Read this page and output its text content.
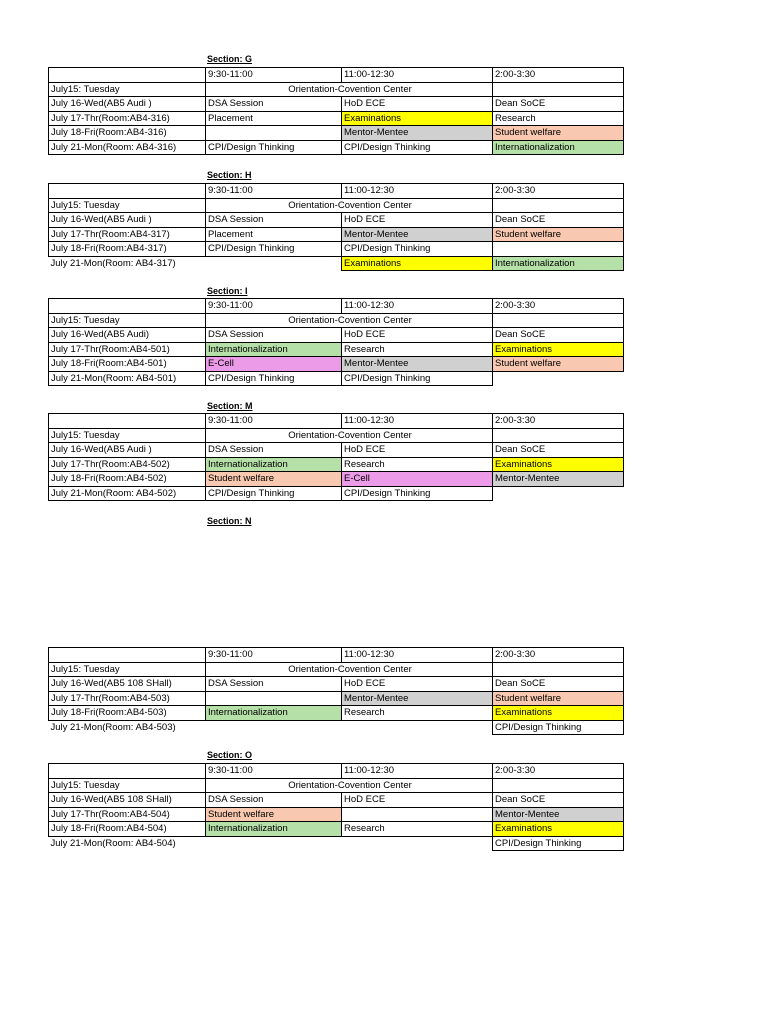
Section: G
	9:30-11:00	11:00-12:30	2:00-3:30
July15: Tuesday	Orientation-Covention Center		
July 16-Wed(AB5 Audi )	DSA Session	HoD ECE	Dean SoCE
July 17-Thr(Room:AB4-316)	Placement	Examinations	Research
July 18-Fri(Room:AB4-316)		Mentor-Mentee	Student welfare
July 21-Mon(Room: AB4-316)	CPI/Design Thinking	CPI/Design Thinking	Internationalization
Section: H
	9:30-11:00	11:00-12:30	2:00-3:30
July15: Tuesday	Orientation-Covention Center		
July 16-Wed(AB5 Audi )	DSA Session	HoD ECE	Dean SoCE
July 17-Thr(Room:AB4-317)	Placement	Mentor-Mentee	Student welfare
July 18-Fri(Room:AB4-317)	CPI/Design Thinking	CPI/Design Thinking	
July 21-Mon(Room: AB4-317)		Examinations	Internationalization
Section: I
	9:30-11:00	11:00-12:30	2:00-3:30
July15: Tuesday	Orientation-Covention Center		
July 16-Wed(AB5 Audi)	DSA Session	HoD ECE	Dean SoCE
July 17-Thr(Room:AB4-501)	Internationalization	Research	Examinations
July 18-Fri(Room:AB4-501)	E-Cell	Mentor-Mentee	Student welfare
July 21-Mon(Room: AB4-501)	CPI/Design Thinking	CPI/Design Thinking	
Section: M
	9:30-11:00	11:00-12:30	2:00-3:30
July15: Tuesday	Orientation-Covention Center		
July 16-Wed(AB5 Audi )	DSA Session	HoD ECE	Dean SoCE
July 17-Thr(Room:AB4-502)	Internationalization	Research	Examinations
July 18-Fri(Room:AB4-502)	Student welfare	E-Cell	Mentor-Mentee
July 21-Mon(Room: AB4-502)	CPI/Design Thinking	CPI/Design Thinking	
Section: N
	9:30-11:00	11:00-12:30	2:00-3:30
July15: Tuesday	Orientation-Covention Center		
July 16-Wed(AB5 108 SHall)	DSA Session	HoD ECE	Dean SoCE
July 17-Thr(Room:AB4-503)		Mentor-Mentee	Student welfare
July 18-Fri(Room:AB4-503)	Internationalization	Research	Examinations
July 21-Mon(Room: AB4-503)			CPI/Design Thinking
Section: O
	9:30-11:00	11:00-12:30	2:00-3:30
July15: Tuesday	Orientation-Covention Center		
July 16-Wed(AB5 108 SHall)	DSA Session	HoD ECE	Dean SoCE
July 17-Thr(Room:AB4-504)	Student welfare		Mentor-Mentee
July 18-Fri(Room:AB4-504)	Internationalization	Research	Examinations
July 21-Mon(Room: AB4-504)			CPI/Design Thinking
